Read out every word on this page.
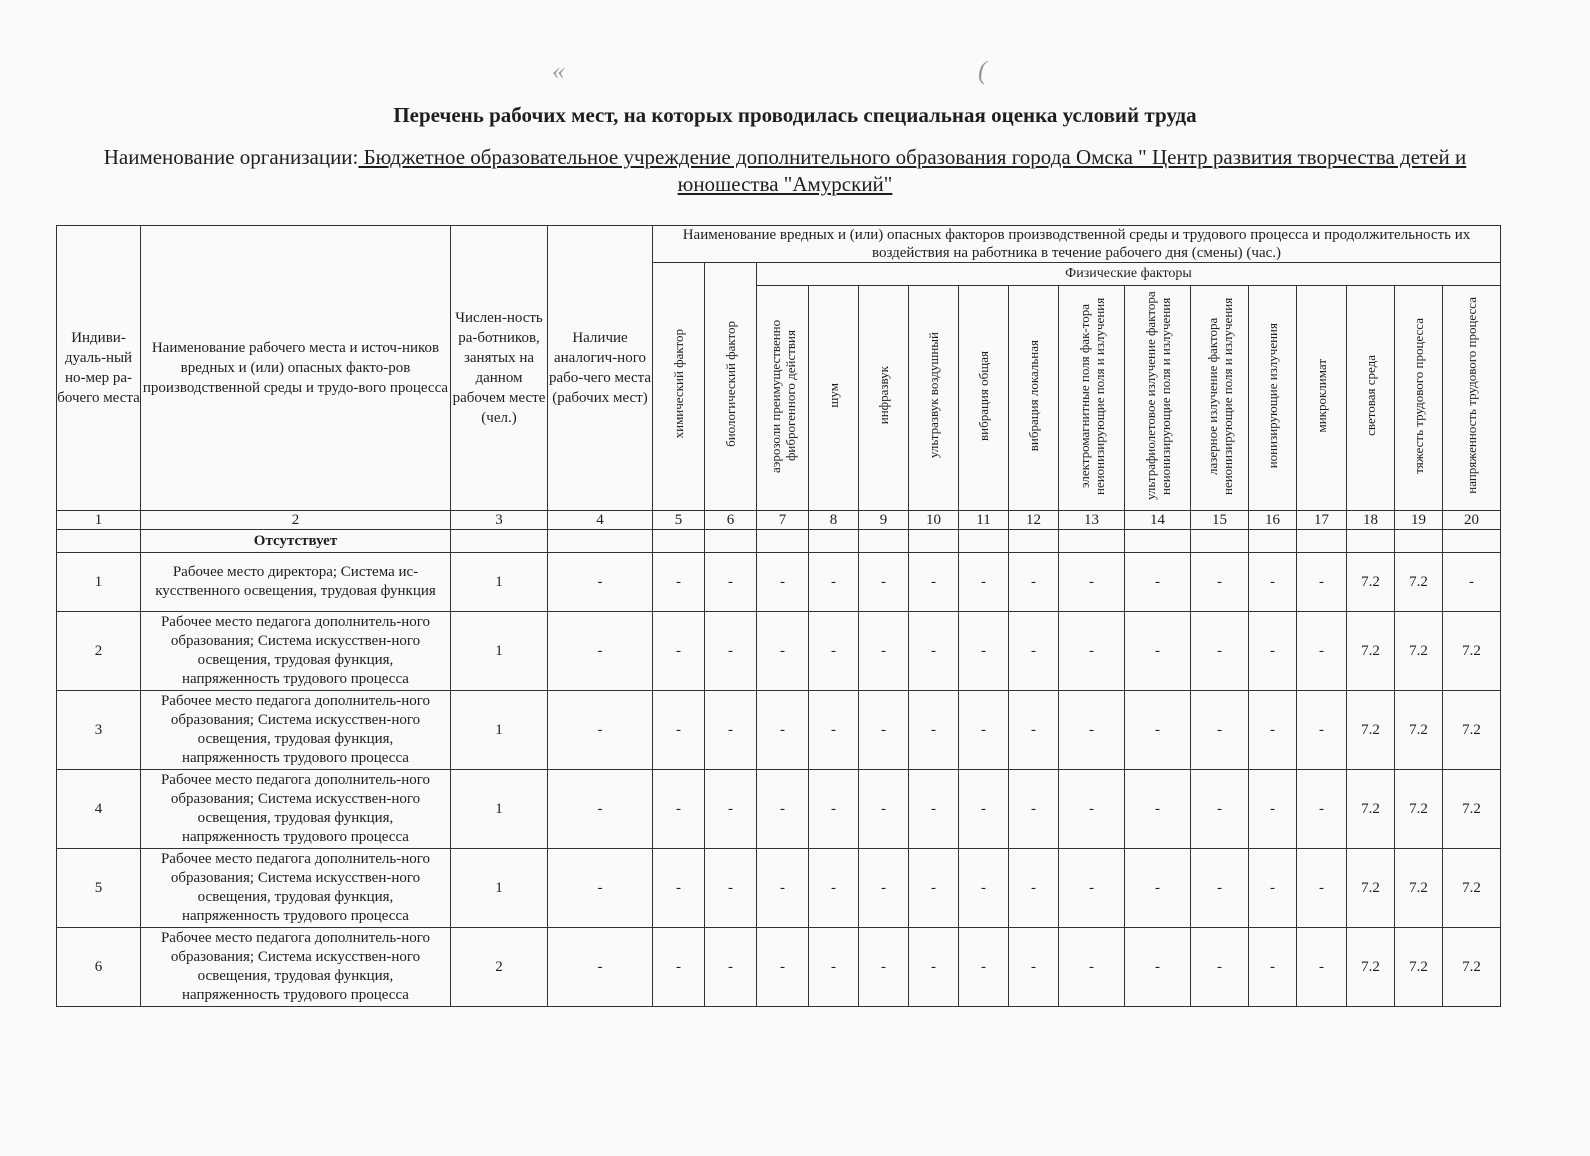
«	(
Перечень рабочих мест, на которых проводилась специальная оценка условий труда
Наименование организации: Бюджетное образовательное учреждение дополнительного образования города Омска " Центр развития творчества детей и юношества "Амурский"
Индиви-дуаль-ный но-мер ра-бочего места	Наименование рабочего места и источ-ников вредных и (или) опасных факто-ров производственной среды и трудо-вого процесса	Числен-ность ра-ботников, занятых на данном рабочем месте (чел.)	Наличие аналогич-ного рабо-чего места (рабочих мест)	Наименование вредных и (или) опасных факторов производственной среды и трудового процесса и продолжительность их воздействия на работника в течение рабочего дня (смены) (час.)															
				химический фактор	биологический фактор	Физические факторы													
						аэрозоли преимущественно фиброгенного действия	шум	инфразвук	ультразвук воздушный	вибрация общая	вибрация локальная	электромагнитные поля фак-тора неионизирующие поля и излучения	ультрафиолетовое излучение фактора неионизирующие поля и излучения	лазерное излучение фактора неионизирующие поля и излучения	ионизирующие излучения	микроклимат	световая среда	тяжесть трудового процесса	напряженность трудового процесса
1	2	3	4	5	6	7	8	9	10	11	12	13	14	15	16	17	18	19	20
	Отсутствует																		
1	Рабочее место директора; Система ис-кусственного освещения, трудовая функция	1	-	-	-	-	-	-	-	-	-	-	-	-	-	-	7.2	7.2	-
2	Рабочее место педагога дополнитель-ного образования; Система искусствен-ного освещения, трудовая функция, напряженность трудового процесса	1	-	-	-	-	-	-	-	-	-	-	-	-	-	-	7.2	7.2	7.2
3	Рабочее место педагога дополнитель-ного образования; Система искусствен-ного освещения, трудовая функция, напряженность трудового процесса	1	-	-	-	-	-	-	-	-	-	-	-	-	-	-	7.2	7.2	7.2
4	Рабочее место педагога дополнитель-ного образования; Система искусствен-ного освещения, трудовая функция, напряженность трудового процесса	1	-	-	-	-	-	-	-	-	-	-	-	-	-	-	7.2	7.2	7.2
5	Рабочее место педагога дополнитель-ного образования; Система искусствен-ного освещения, трудовая функция, напряженность трудового процесса	1	-	-	-	-	-	-	-	-	-	-	-	-	-	-	7.2	7.2	7.2
6	Рабочее место педагога дополнитель-ного образования; Система искусствен-ного освещения, трудовая функция, напряженность трудового процесса	2	-	-	-	-	-	-	-	-	-	-	-	-	-	-	7.2	7.2	7.2
